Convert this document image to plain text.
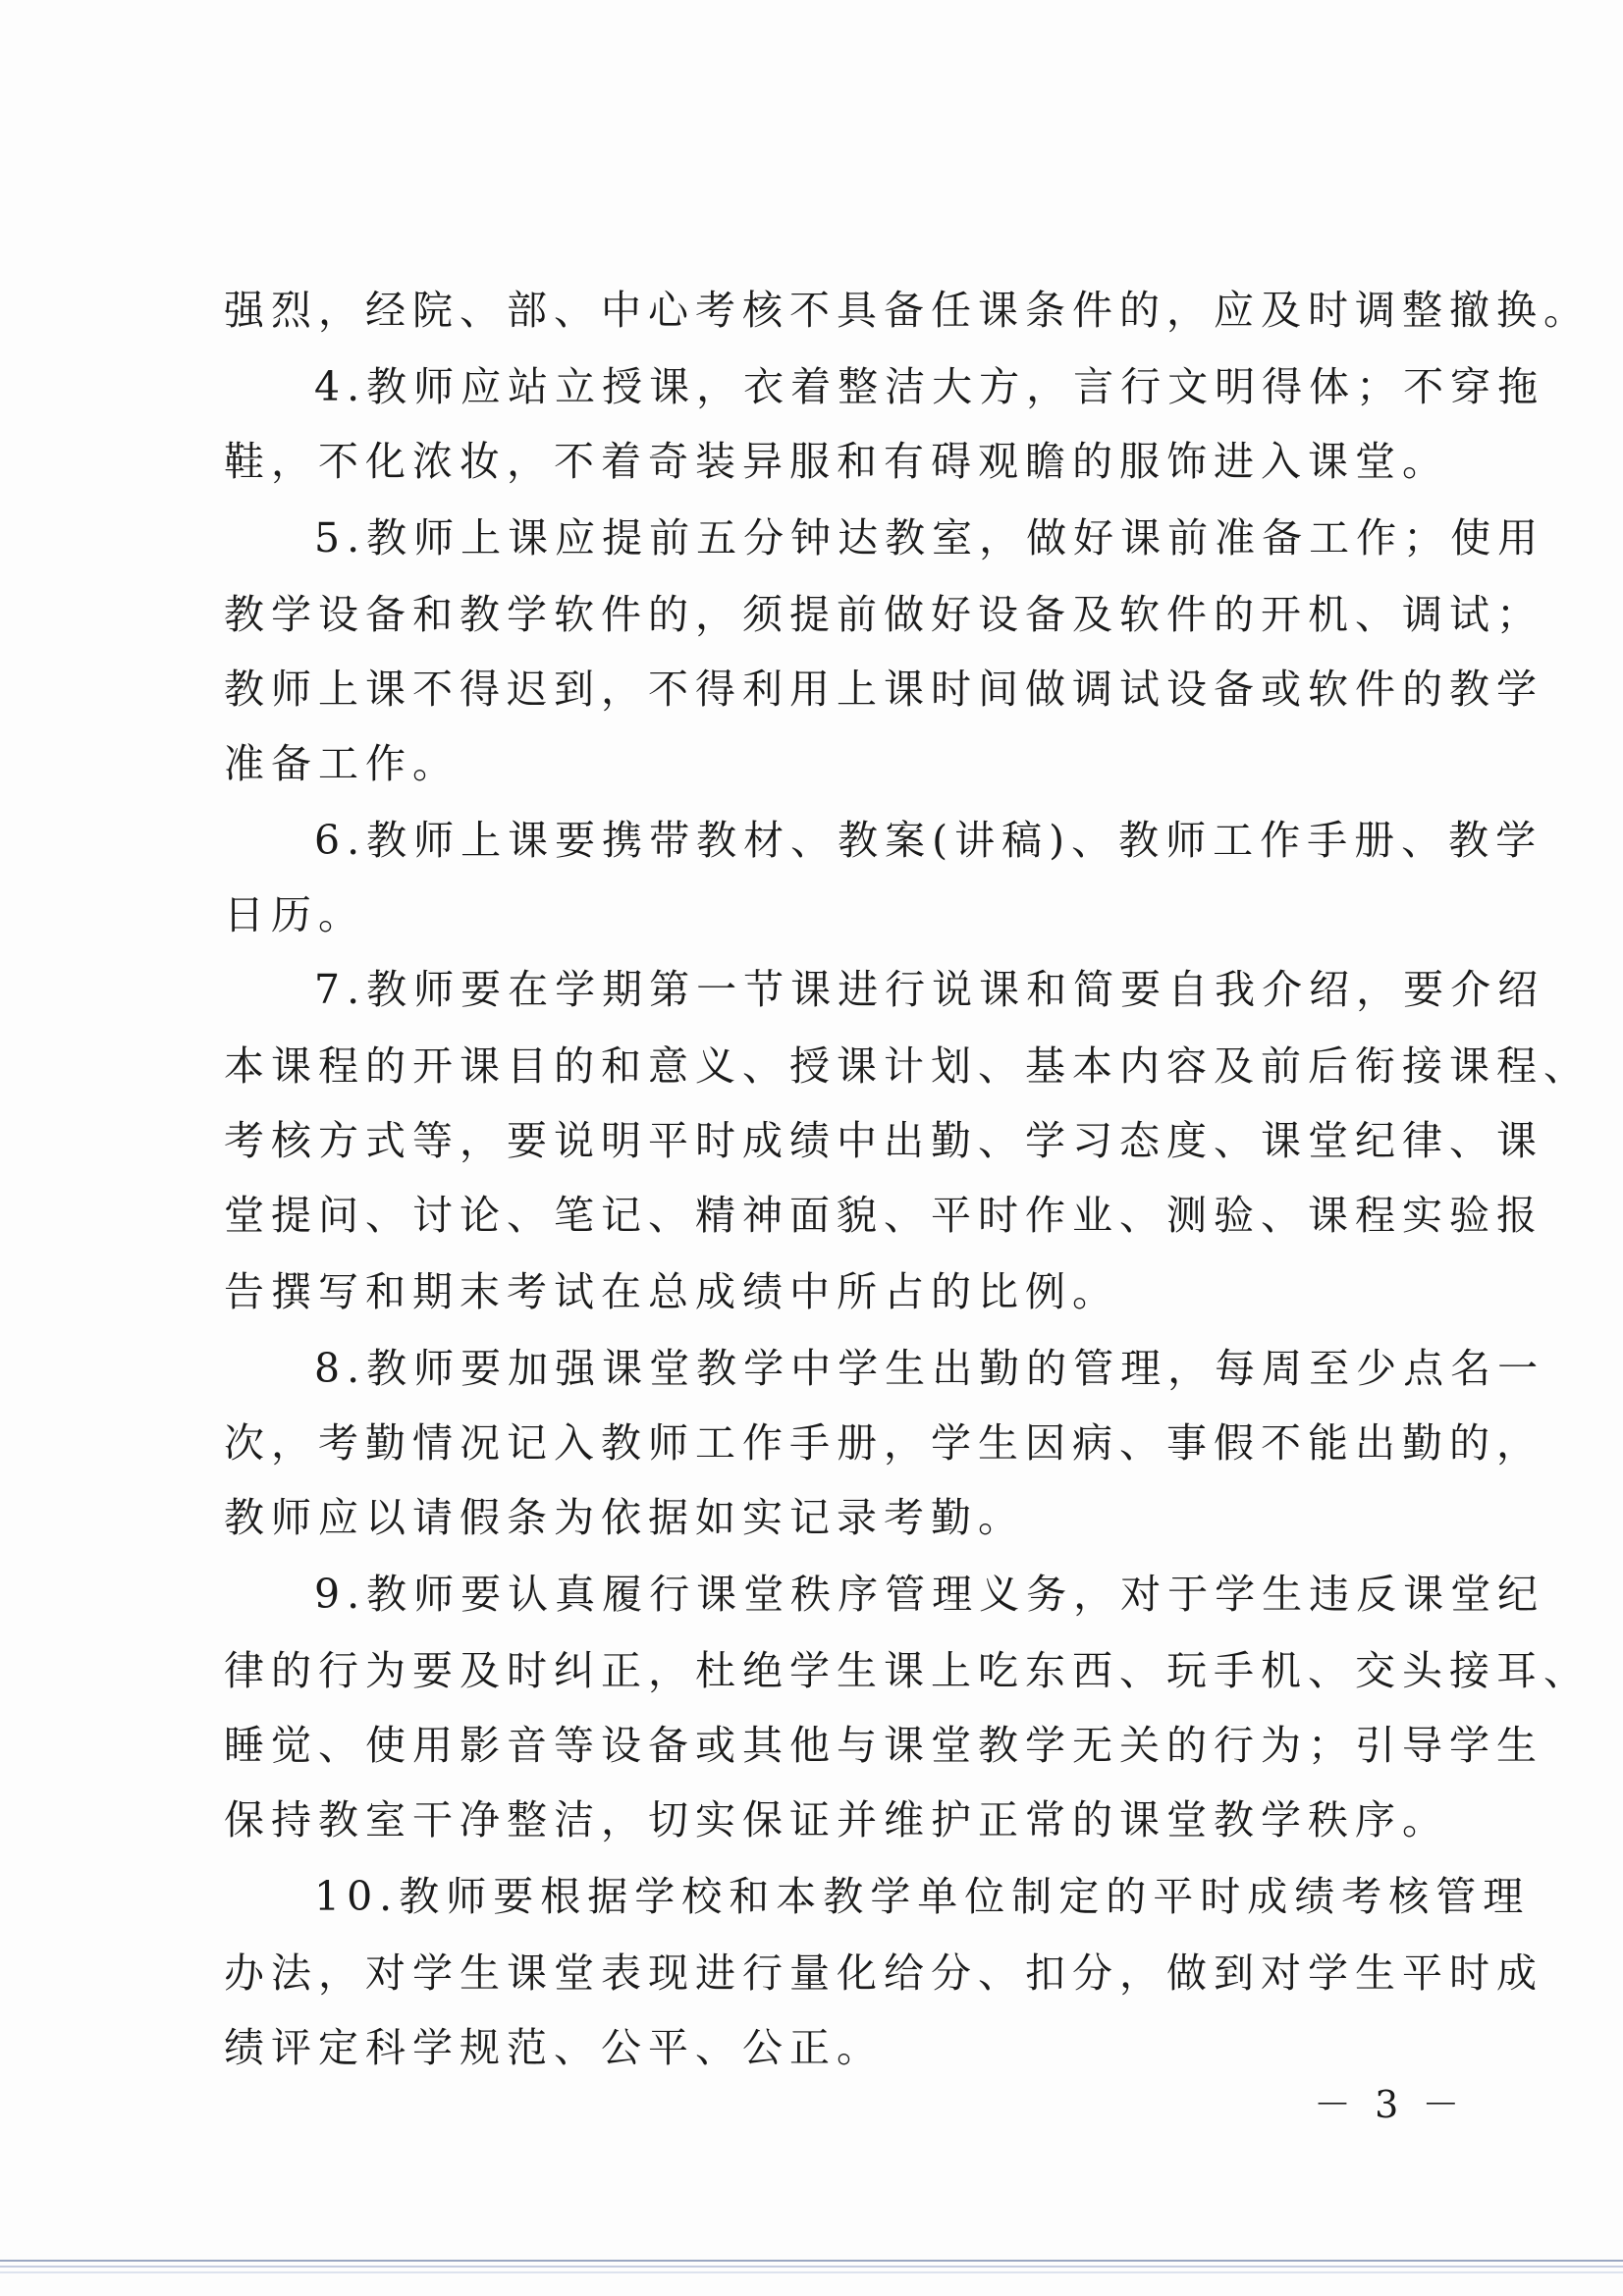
强烈，经院、部、中心考核不具备任课条件的，应及时调整撤换。
4.教师应站立授课，衣着整洁大方，言行文明得体；不穿拖
鞋，不化浓妆，不着奇装异服和有碍观瞻的服饰进入课堂。
5.教师上课应提前五分钟达教室，做好课前准备工作；使用
教学设备和教学软件的，须提前做好设备及软件的开机、调试；
教师上课不得迟到，不得利用上课时间做调试设备或软件的教学
准备工作。
6.教师上课要携带教材、教案(讲稿)、教师工作手册、教学
日历。
7.教师要在学期第一节课进行说课和简要自我介绍，要介绍
本课程的开课目的和意义、授课计划、基本内容及前后衔接课程、
考核方式等，要说明平时成绩中出勤、学习态度、课堂纪律、课
堂提问、讨论、笔记、精神面貌、平时作业、测验、课程实验报
告撰写和期末考试在总成绩中所占的比例。
8.教师要加强课堂教学中学生出勤的管理，每周至少点名一
次，考勤情况记入教师工作手册，学生因病、事假不能出勤的，
教师应以请假条为依据如实记录考勤。
9.教师要认真履行课堂秩序管理义务，对于学生违反课堂纪
律的行为要及时纠正，杜绝学生课上吃东西、玩手机、交头接耳、
睡觉、使用影音等设备或其他与课堂教学无关的行为；引导学生
保持教室干净整洁，切实保证并维护正常的课堂教学秩序。
10.教师要根据学校和本教学单位制定的平时成绩考核管理
办法，对学生课堂表现进行量化给分、扣分，做到对学生平时成
绩评定科学规范、公平、公正。
－ 3 －
